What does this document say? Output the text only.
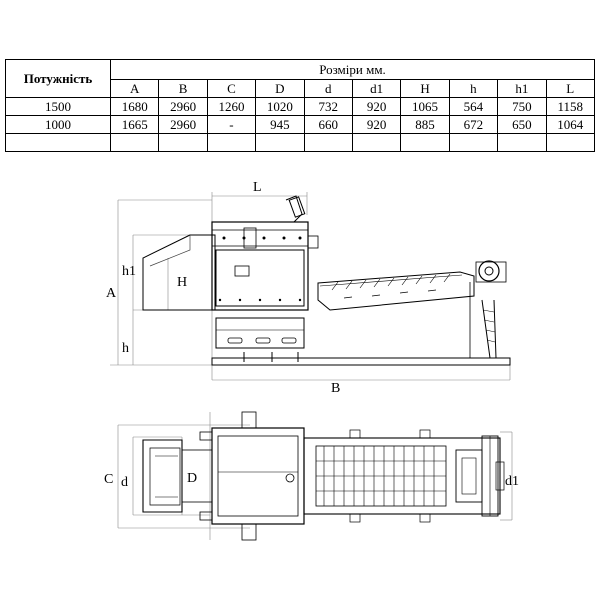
Потужність	Розміри мм.									
	A	B	C	D	d	d1	H	h	h1	L
1500	1680	2960	1260	1020	732	920	1065	564	750	1158
1000	1665	2960	-	945	660	920	885	672	650	1064

L
h1
H
A
h
B
C d	D	d1
